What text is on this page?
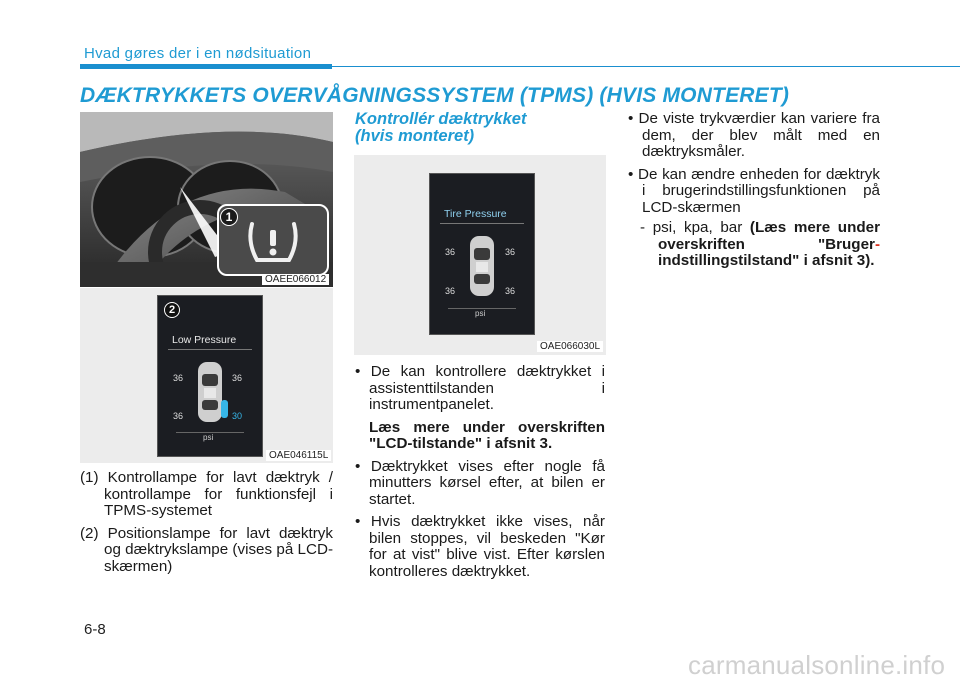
Hvad gøres der i en nødsituation
DÆKTRYKKETS OVERVÅGNINGSSYSTEM (TPMS) (HVIS MONTERET)
1
OAEE066012
2
Low Pressure
36	36
36	30
psi
OAE046115L

(1) Kontrollampe for lavt dæktryk / kontrollampe for funktionsfejl i TPMS-systemet

(2) Positionslampe for lavt dæktryk og dæktrykslampe (vises på LCD-skærmen)

Kontrollér dæktrykket
(hvis monteret)
Tire Pressure
36	36
36	36
psi
OAE066030L

• De kan kontrollere dæktrykket i assistenttilstanden i instrumentpanelet.

Læs mere under overskriften "LCD-tilstande" i afsnit 3.

• Dæktrykket vises efter nogle få minutters kørsel efter, at bilen er startet.

• Hvis dæktrykket ikke vises, når bilen stoppes, vil beskeden "Kør for at vist" blive vist. Efter kørslen kontrolleres dæktrykket.

• De viste trykværdier kan variere fra dem, der blev målt med en dæktryksmåler.

• De kan ændre enheden for dæktryk i brugerindstillingsfunktionen på LCD-skærmen

- psi, kpa, bar (Læs mere under overskriften "Bruger- indstillingstilstand" i afsnit 3).

6-8
carmanualsonline.info
